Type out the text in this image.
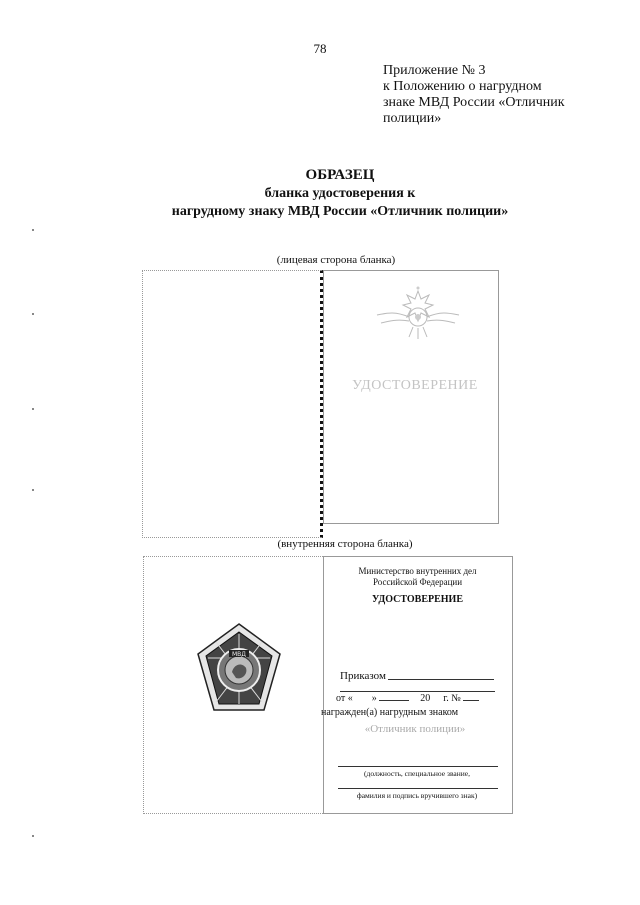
78
Приложение № 3
к Положению о нагрудном
знаке МВД России «Отличник
полиции»
ОБРАЗЕЦ
бланка удостоверения к
нагрудному знаку МВД России «Отличник полиции»
(лицевая сторона бланка)
УДОСТОВЕРЕНИЕ
(внутренняя сторона бланка)
МВД
Министерство внутренних дел
Российской Федерации
УДОСТОВЕРЕНИЕ
Приказом
от « »	20 г. №
награжден(а) нагрудным знаком
«Отличник полиции»
(должность, специальное звание,
фамилия и подпись вручившего знак)
